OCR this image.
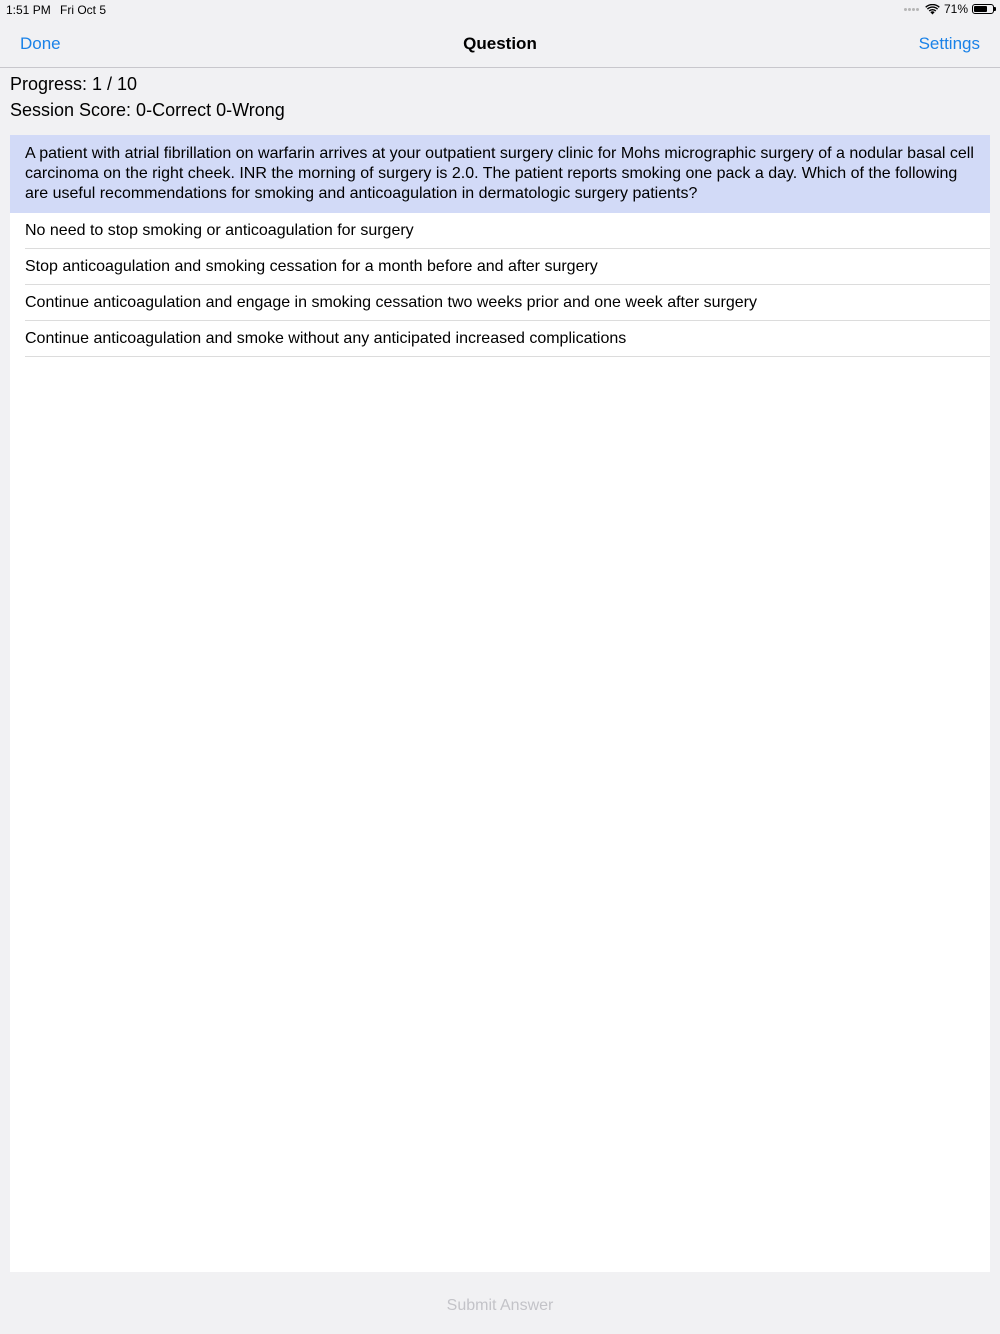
1:51 PM Fri Oct 5	71%
Done	Question	Settings
Progress: 1 / 10
Session Score: 0-Correct 0-Wrong
A patient with atrial fibrillation on warfarin arrives at your outpatient surgery clinic for Mohs micrographic surgery of a nodular basal cell carcinoma on the right cheek. INR the morning of surgery is 2.0. The patient reports smoking one pack a day. Which of the following are useful recommendations for smoking and anticoagulation in dermatologic surgery patients?
No need to stop smoking or anticoagulation for surgery
Stop anticoagulation and smoking cessation for a month before and after surgery
Continue anticoagulation and engage in smoking cessation two weeks prior and one week after surgery
Continue anticoagulation and smoke without any anticipated increased complications
Submit Answer
